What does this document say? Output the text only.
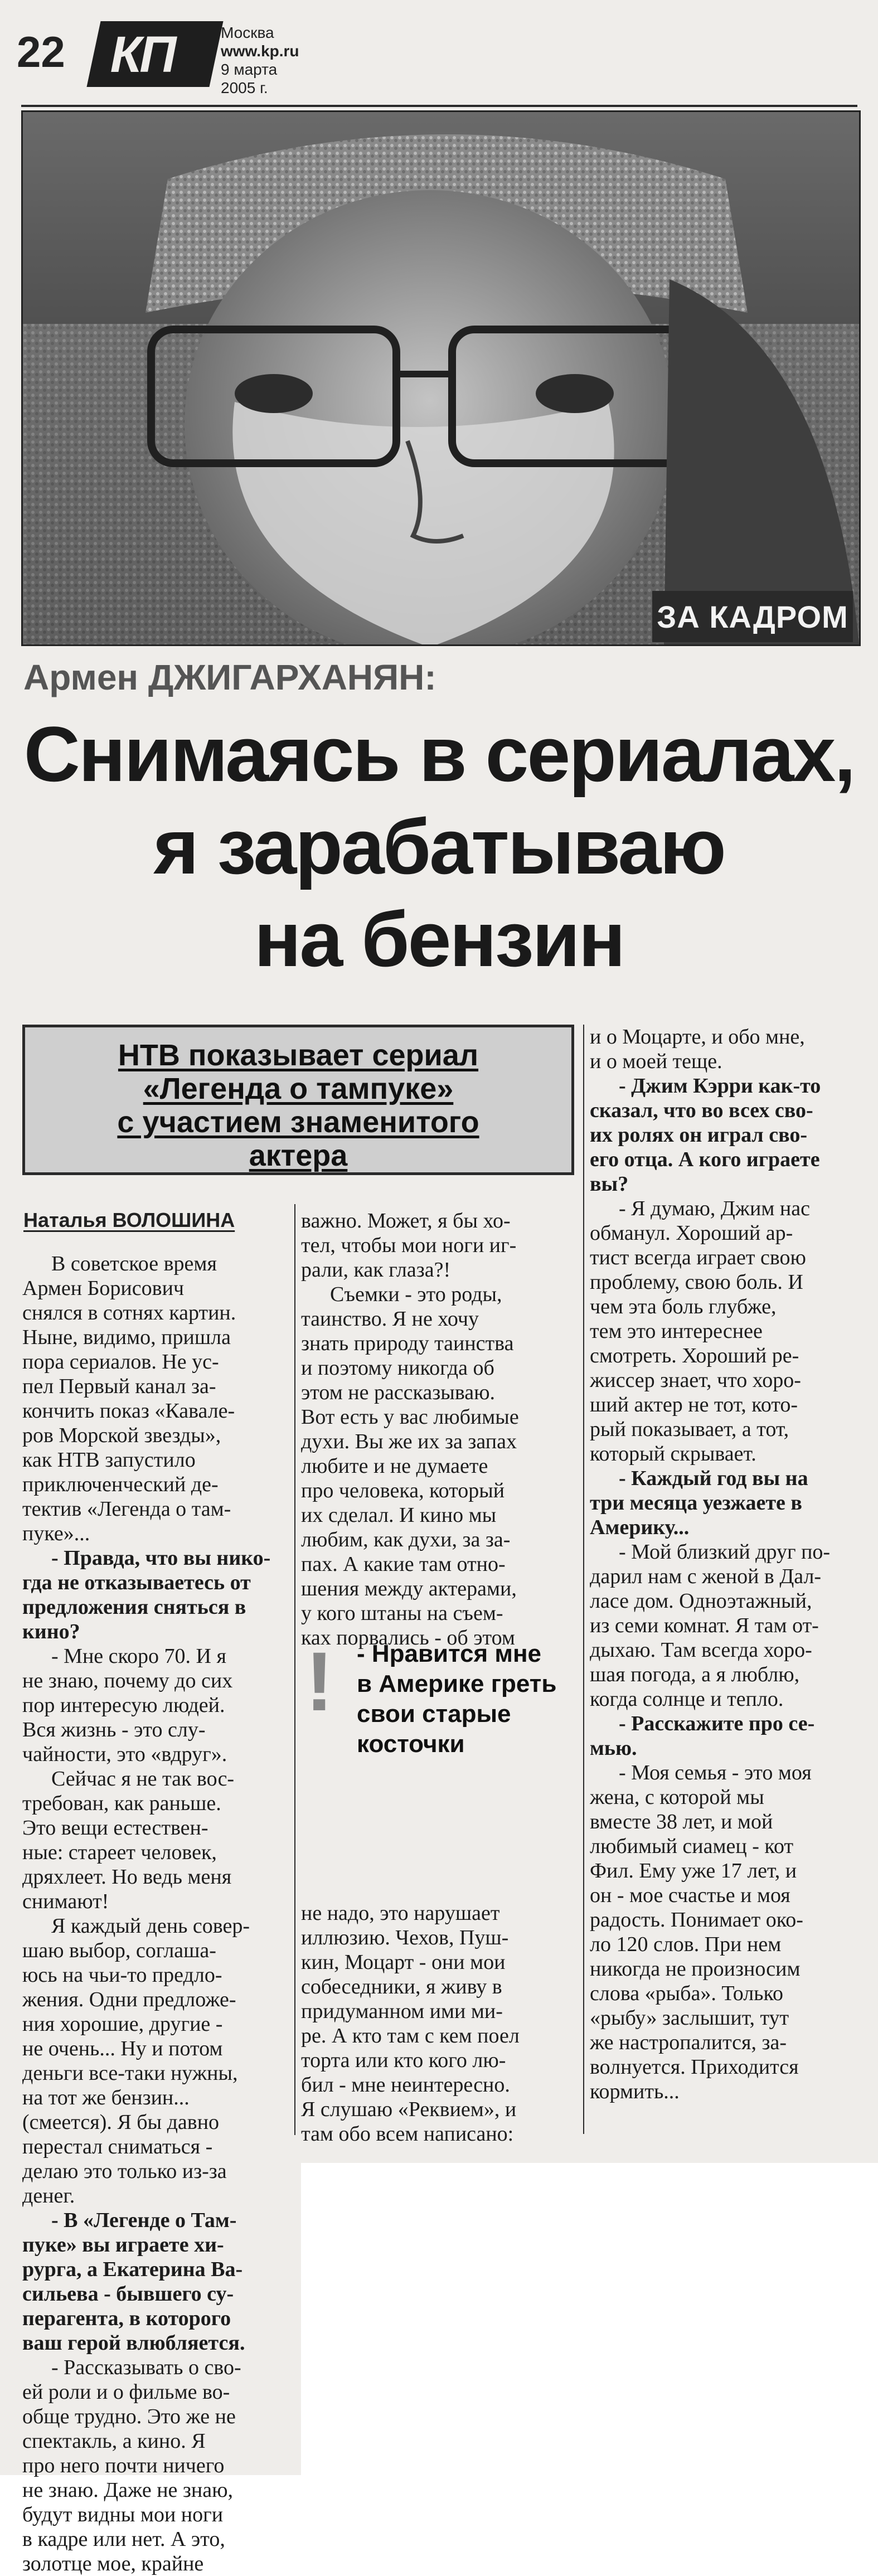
22 КП	Москва
www.kp.ru
9 марта
2005 г.
ЗА КАДРОМ
Армен ДЖИГАРХАНЯН:
Снимаясь в сериалах,
я зарабатываю
на бензин
НТВ показывает сериал
«Легенда о тампуке»
с участием знаменитого
актера
Наталья ВОЛОШИНА
В советское время
Армен Борисович
снялся в сотнях картин.
Ныне, видимо, пришла
пора сериалов. Не ус-
пел Первый канал за-
кончить показ «Кавале-
ров Морской звезды»,
как НТВ запустило
приключенческий де-
тектив «Легенда о там-
пуке»...
- Правда, что вы нико-
гда не отказываетесь от
предложения сняться в
кино?
- Мне скоро 70. И я
не знаю, почему до сих
пор интересую людей.
Вся жизнь - это слу-
чайности, это «вдруг».
Сейчас я не так вос-
требован, как раньше.
Это вещи естествен-
ные: стареет человек,
дряхлеет. Но ведь меня
снимают!
Я каждый день совер-
шаю выбор, соглаша-
юсь на чьи-то предло-
жения. Одни предложе-
ния хорошие, другие -
не очень... Ну и потом
деньги все-таки нужны,
на тот же бензин...
(смеется). Я бы давно
перестал сниматься -
делаю это только из-за
денег.
- В «Легенде о Там-
пуке» вы играете хи-
рурга, а Екатерина Ва-
сильева - бывшего су-
перагента, в которого
ваш герой влюбляется.
- Рассказывать о сво-
ей роли и о фильме во-
обще трудно. Это же не
спектакль, а кино. Я
про него почти ничего
не знаю. Даже не знаю,
будут видны мои ноги
в кадре или нет. А это,
золотце мое, крайне
важно. Может, я бы хо-
тел, чтобы мои ноги иг-
рали, как глаза?!
Съемки - это роды,
таинство. Я не хочу
знать природу таинства
и поэтому никогда об
этом не рассказываю.
Вот есть у вас любимые
духи. Вы же их за запах
любите и не думаете
про человека, который
их сделал. И кино мы
любим, как духи, за за-
пах. А какие там отно-
шения между актерами,
у кого штаны на съем-
ках порвались - об этом
! - Нравится мне
в Америке греть
свои старые
косточки
не надо, это нарушает
иллюзию. Чехов, Пуш-
кин, Моцарт - они мои
собеседники, я живу в
придуманном ими ми-
ре. А кто там с кем поел
торта или кто кого лю-
бил - мне неинтересно.
Я слушаю «Реквием», и
там обо всем написано:
и о Моцарте, и обо мне,
и о моей теще.
- Джим Кэрри как-то
сказал, что во всех сво-
их ролях он играл сво-
его отца. А кого играете
вы?
- Я думаю, Джим нас
обманул. Хороший ар-
тист всегда играет свою
проблему, свою боль. И
чем эта боль глубже,
тем это интереснее
смотреть. Хороший ре-
жиссер знает, что хоро-
ший актер не тот, кото-
рый показывает, а тот,
который скрывает.
- Каждый год вы на
три месяца уезжаете в
Америку...
- Мой близкий друг по-
дарил нам с женой в Дал-
ласе дом. Одноэтажный,
из семи комнат. Я там от-
дыхаю. Там всегда хоро-
шая погода, а я люблю,
когда солнце и тепло.
- Расскажите про се-
мью.
- Моя семья - это моя
жена, с которой мы
вместе 38 лет, и мой
любимый сиамец - кот
Фил. Ему уже 17 лет, и
он - мое счастье и моя
радость. Понимает око-
ло 120 слов. При нем
никогда не произносим
слова «рыба». Только
«рыбу» заслышит, тут
же настропалится, за-
волнуется. Приходится
кормить...
